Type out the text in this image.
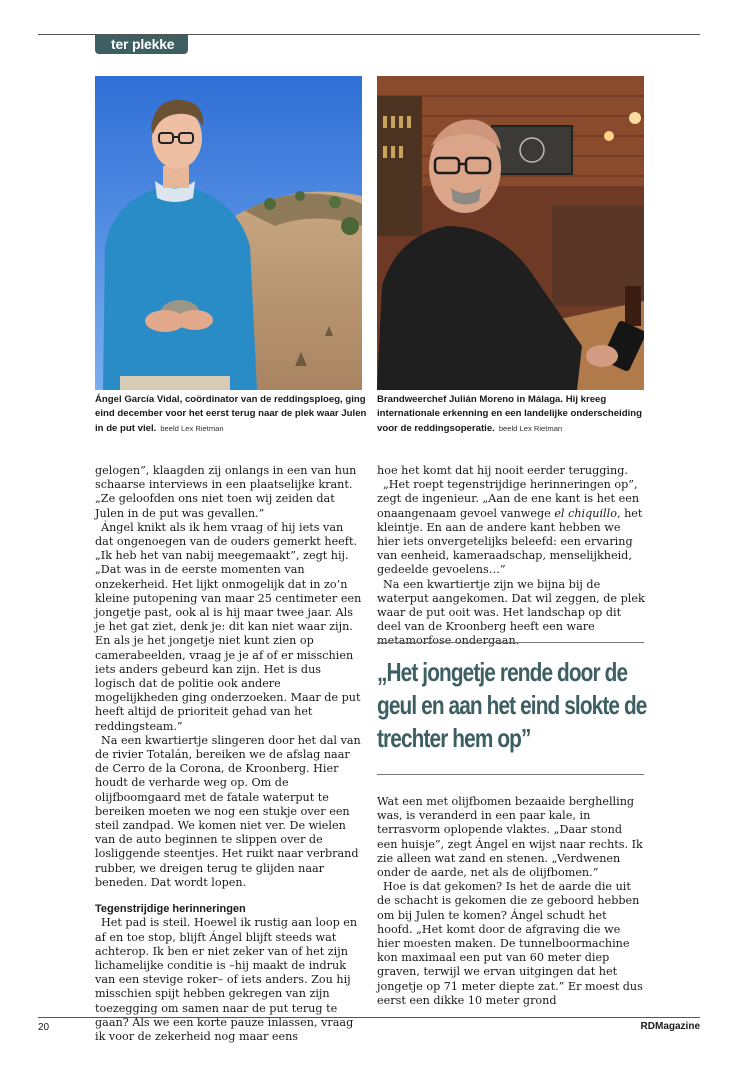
ter plekke
Ángel García Vidal, coördinator van de reddingsploeg, ging eind december voor het eerst terug naar de plek waar Julen in de put viel. beeld Lex Rietman
Brandweerchef Julián Moreno in Málaga. Hij kreeg internationale erkenning en een landelijke onderscheiding voor de reddingsoperatie. beeld Lex Rietman

gelogen”, klaagden zij onlangs in een van hun schaarse interviews in een plaatselijke krant. „Ze geloofden ons niet toen wij zeiden dat Julen in de put was gevallen.”

Ángel knikt als ik hem vraag of hij iets van dat ongenoegen van de ouders gemerkt heeft. „Ik heb het van nabij meegemaakt”, zegt hij. „Dat was in de eerste momenten van onzekerheid. Het lijkt onmogelijk dat in zo’n kleine putopening van maar 25 centimeter een jongetje past, ook al is hij maar twee jaar. Als je het gat ziet, denk je: dit kan niet waar zijn. En als je het jongetje niet kunt zien op camerabeelden, vraag je je af of er misschien iets anders gebeurd kan zijn. Het is dus logisch dat de politie ook andere mogelijkheden ging onderzoeken. Maar de put heeft altijd de prioriteit gehad van het reddingsteam.”

Na een kwartiertje slingeren door het dal van de rivier Totalán, bereiken we de afslag naar de Cerro de la Corona, de Kroonberg. Hier houdt de verharde weg op. Om de olijfboomgaard met de fatale waterput te bereiken moeten we nog een stukje over een steil zandpad. We komen niet ver. De wielen van de auto beginnen te slippen over de losliggende steentjes. Het ruikt naar verbrand rubber, we dreigen terug te glijden naar beneden. Dat wordt lopen.

Tegenstrijdige herinneringen

Het pad is steil. Hoewel ik rustig aan loop en af en toe stop, blijft Ángel blijft steeds wat achterop. Ik ben er niet zeker van of het zijn lichamelijke conditie is –hij maakt de indruk van een stevige roker– of iets anders. Zou hij misschien spijt hebben gekregen van zijn toezegging om samen naar de put terug te gaan? Als we een korte pauze inlassen, vraag ik voor de zekerheid nog maar eens

hoe het komt dat hij nooit eerder terugging.

„Het roept tegenstrijdige herinneringen op”, zegt de ingenieur. „Aan de ene kant is het een onaangenaam gevoel vanwege el chiquillo, het kleintje. En aan de andere kant hebben we hier iets onvergetelijks beleefd: een ervaring van eenheid, kameraadschap, menselijkheid, gedeelde gevoelens…”

Na een kwartiertje zijn we bijna bij de waterput aangekomen. Dat wil zeggen, de plek waar de put ooit was. Het landschap op dit deel van de Kroonberg heeft een ware metamorfose ondergaan.

„Het jongetje rende door de geul en aan het eind slokte de trechter hem op”

Wat een met olijfbomen bezaaide berghelling was, is veranderd in een paar kale, in terrasvorm oplopende vlaktes. „Daar stond een huisje”, zegt Ángel en wijst naar rechts. Ik zie alleen wat zand en stenen. „Verdwenen onder de aarde, net als de olijfbomen.”

Hoe is dat gekomen? Is het de aarde die uit de schacht is gekomen die ze geboord hebben om bij Julen te komen? Ángel schudt het hoofd. „Het komt door de afgraving die we hier moesten maken. De tunnelboormachine kon maximaal een put van 60 meter diep graven, terwijl we ervan uitgingen dat het jongetje op 71 meter diepte zat.” Er moest dus eerst een dikke 10 meter grond

20	RDMagazine
